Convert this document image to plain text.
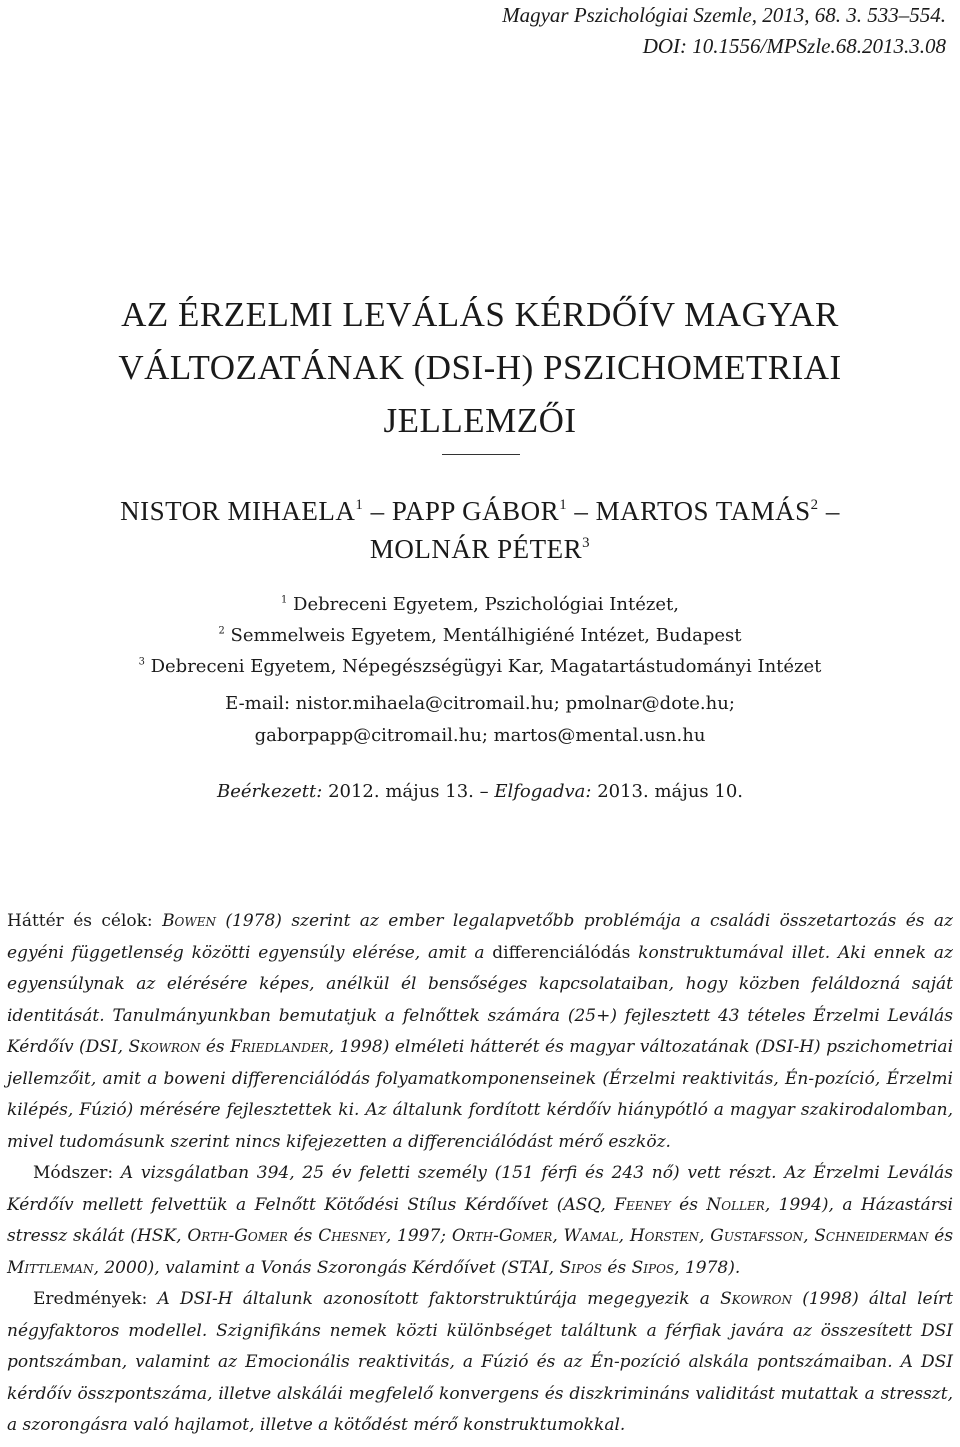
Magyar Pszichológiai Szemle, 2013, 68. 3. 533–554.
DOI: 10.1556/MPSzle.68.2013.3.08
AZ ÉRZELMI LEVÁLÁS KÉRDŐÍV MAGYAR
VÁLTOZATÁNAK (DSI-H) PSZICHOMETRIAI
JELLEMZŐI
NISTOR MIHAELA$^1$ – PAPP GÁBOR$^1$ – MARTOS TAMÁS$^2$ –
MOLNÁR PÉTER$^3$
$^1$ Debreceni Egyetem, Pszichológiai Intézet,
$^2$ Semmelweis Egyetem, Mentálhigiéné Intézet, Budapest
$^3$ Debreceni Egyetem, Népegészségügyi Kar, Magatartástudományi Intézet
E-mail: nistor.mihaela@citromail.hu; pmolnar@dote.hu;
gaborpapp@citromail.hu; martos@mental.usn.hu
Beérkezett: 2012. május 13. – Elfogadva: 2013. május 10.

Háttér és célok: Bowen (1978) szerint az ember legalapvetőbb problémája a családi összetartozás és az egyéni függetlenség közötti egyensúly elérése, amit a differenciálódás konstruktumával illet. Aki ennek az egyensúlynak az elérésére képes, anélkül él bensőséges kapcsolataiban, hogy közben feláldozná saját identitását. Tanulmányunkban bemutatjuk a felnőttek számára (25+) fejlesztett 43 tételes Érzelmi Leválás Kérdőív (DSI, Skowron és Friedlander, 1998) elméleti hátterét és magyar változatának (DSI-H) pszichometriai jellemzőit, amit a boweni differenciálódás folyamatkomponenseinek (Érzelmi reaktivitás, Én-pozíció, Érzelmi kilépés, Fúzió) mérésére fejlesztettek ki. Az általunk fordított kérdőív hiánypótló a magyar szakirodalomban, mivel tudomásunk szerint nincs kifejezetten a differenciálódást mérő eszköz.

Módszer: A vizsgálatban 394, 25 év feletti személy (151 férfi és 243 nő) vett részt. Az Érzelmi Leválás Kérdőív mellett felvettük a Felnőtt Kötődési Stílus Kérdőívet (ASQ, Feeney és Noller, 1994), a Házastársi stressz skálát (HSK, Orth-Gomer és Chesney, 1997; Orth-Gomer, Wamal, Horsten, Gustafsson, Schneiderman és Mittleman, 2000), valamint a Vonás Szorongás Kérdőívet (STAI, Sipos és Sipos, 1978).

Eredmények: A DSI-H általunk azonosított faktorstruktúrája megegyezik a Skowron (1998) által leírt négyfaktoros modellel. Szignifikáns nemek közti különbséget találtunk a férfiak javára az összesített DSI pontszámban, valamint az Emocionális reaktivitás, a Fúzió és az Én-pozíció alskála pontszámaiban. A DSI kérdőív összpontszáma, illetve alskálái megfelelő konvergens és diszkrimináns validitást mutattak a stresszt, a szorongásra való hajlamot, illetve a kötődést mérő konstruktumokkal.
